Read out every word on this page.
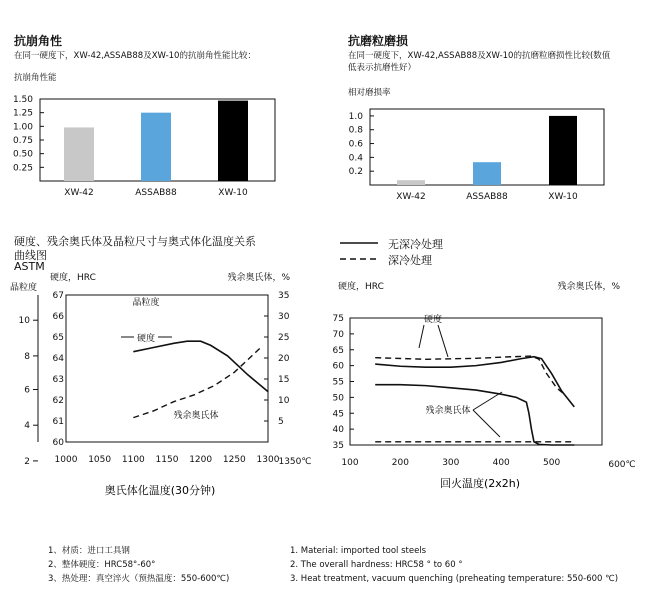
抗崩角性
在同一硬度下，XW-42,ASSAB88及XW-10的抗崩角性能比较：
抗崩角性能
抗磨粒磨损
在同一硬度下，XW-42,ASSAB88及XW-10的抗磨粒磨损性比较(数值
低表示抗磨性好）
相对磨损率
硬度、残余奥氏体及晶粒尺寸与奥式体化温度关系
曲线图
ASTM
无深冷处理
深冷处理
1.50
1.25
1.00
0.75
0.50
0.25
XW-42	ASSAB88	XW-10
1.0
0.8
0.6
0.4
0.2
XW-42	ASSAB88	XW-10
硬度，HRC
晶粒度
残余奥氏体，%
67
66
65
64
63
62
61
60
35
30
25
20
15
10
5
10
8
6
4
2	1000 1050 1100 1150 1200 1250 1300 1350℃
奥氏体化温度(30分钟)
晶粒度
硬度
残余奥氏体
硬度，HRC	残余奥氏体，%
75
70
65
60
55
50
45
40
35
100	200	300	400	500	600℃
回火温度(2x2h)
硬度
残余奥氏体
1、材质：进口工具钢
2、整体硬度：HRC58°-60°
3、热处理：真空淬火（预热温度：550-600℃)
1. Material: imported tool steels
2. The overall hardness: HRC58 ° to 60 °
3. Heat treatment, vacuum quenching (preheating temperature: 550-600 ℃)
